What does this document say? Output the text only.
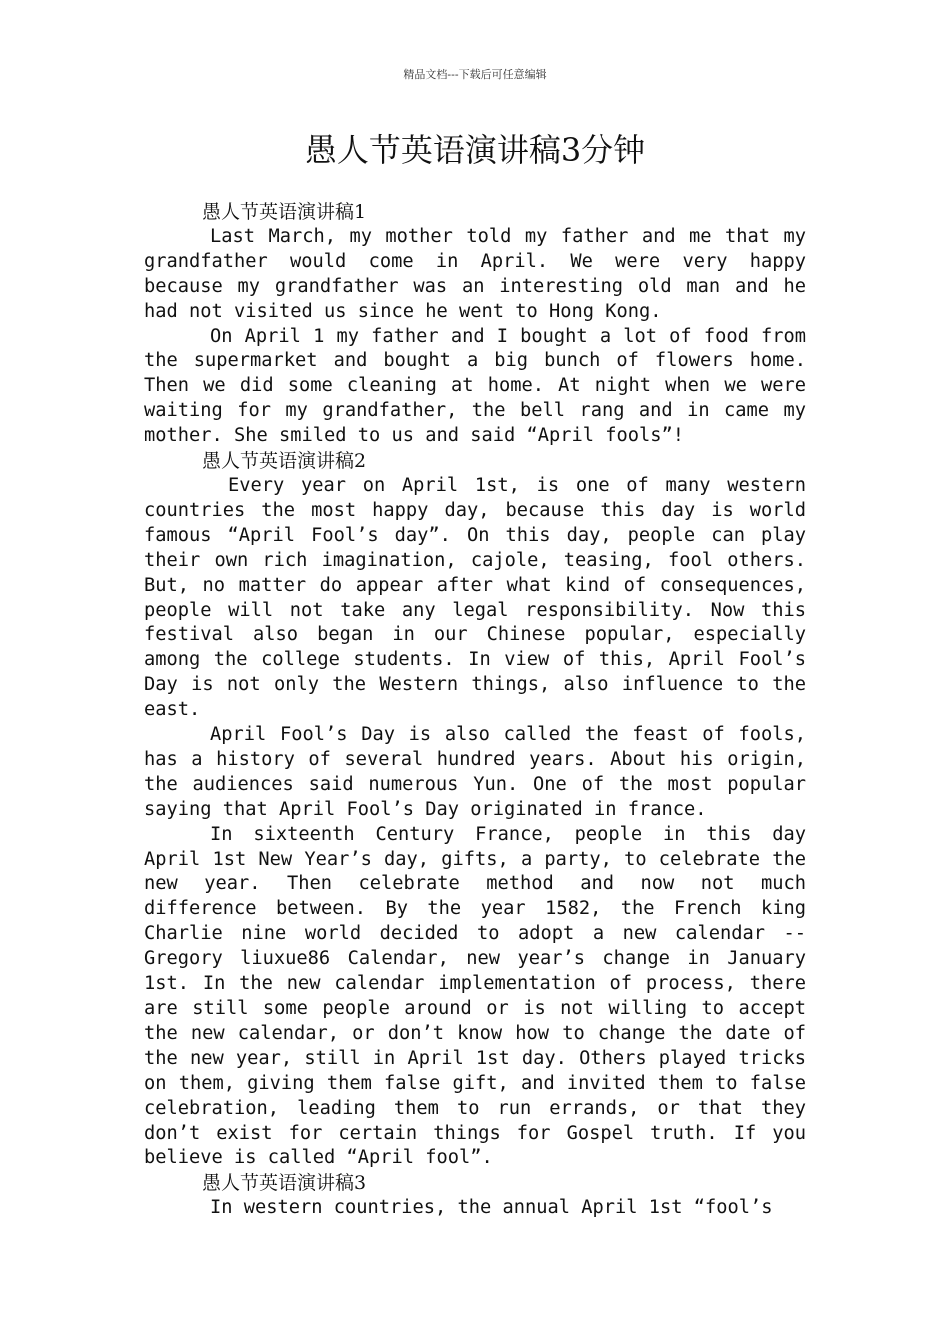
精品文档---下载后可任意编辑
愚人节英语演讲稿3分钟
愚人节英语演讲稿1

Last March, my mother told my father and me that my grandfather would come in April. We were very happy because my grandfather was an interesting old man and he had not visited us since he went to Hong Kong.

On April 1 my father and I bought a lot of food from the supermarket and bought a big bunch of flowers home. Then we did some cleaning at home. At night when we were waiting for my grandfather, the bell rang and in came my mother. She smiled to us and said “April fools”!

愚人节英语演讲稿2

Every year on April 1st, is one of many western countries the most happy day, because this day is world famous “April Fool’s day”. On this day, people can play their own rich imagination, cajole, teasing, fool others. But, no matter do appear after what kind of consequences, people will not take any legal responsibility. Now this festival also began in our Chinese popular, especially among the college students. In view of this, April Fool’s Day is not only the Western things, also influence to the east.

April Fool’s Day is also called the feast of fools, has a history of several hundred years. About his origin, the audiences said numerous Yun. One of the most popular saying that April Fool’s Day originated in france.

In sixteenth Century France, people in this day April 1st New Year’s day, gifts, a party, to celebrate the new year. Then celebrate method and now not much difference between. By the year 1582, the French king Charlie nine world decided to adopt a new calendar -- Gregory liuxue86 Calendar, new year’s change in January 1st. In the new calendar implementation of process, there are still some people around or is not willing to accept the new calendar, or don’t know how to change the date of the new year, still in April 1st day. Others played tricks on them, giving them false gift, and invited them to false celebration, leading them to run errands, or that they don’t exist for certain things for Gospel truth. If you believe is called “April fool”.

愚人节英语演讲稿3

In western countries, the annual April 1st “fool’s
